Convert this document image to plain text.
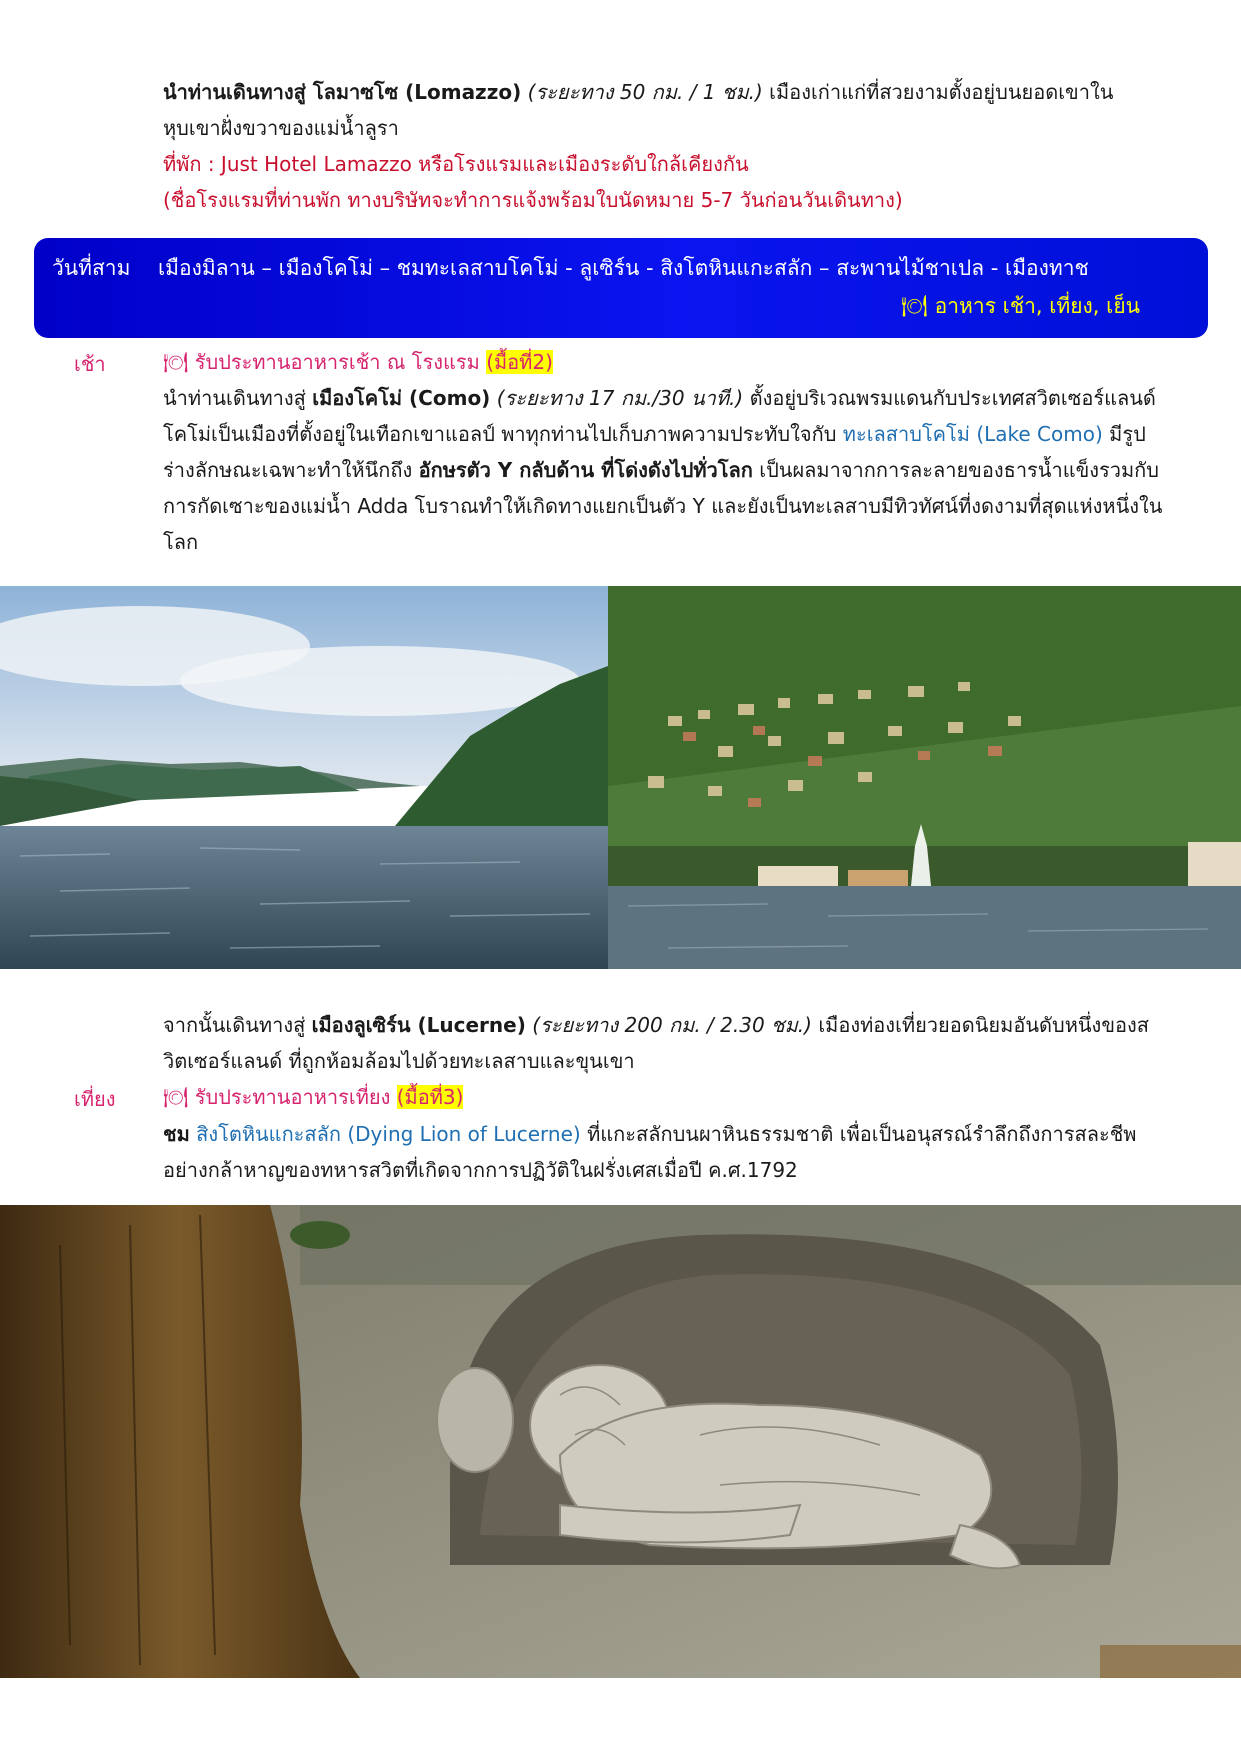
นำท่านเดินทางสู่ โลมาซโซ (Lomazzo) (ระยะทาง 50 กม. / 1 ชม.) เมืองเก่าแก่ที่สวยงามตั้งอยู่บนยอดเขาในหุบเขาฝั่งขวาของแม่น้ำลูรา

ที่พัก : Just Hotel Lamazzo หรือโรงแรมและเมืองระดับใกล้เคียงกัน

(ชื่อโรงแรมที่ท่านพัก ทางบริษัทจะทำการแจ้งพร้อมใบนัดหมาย 5-7 วันก่อนวันเดินทาง)

วันที่สาม เมืองมิลาน – เมืองโคโม่ – ชมทะเลสาบโคโม่ - ลูเซิร์น - สิงโตหินแกะสลัก – สะพานไม้ชาเปล - เมืองทาช
🍽 อาหาร เช้า, เที่ยง, เย็น
เช้า	🍽 รับประทานอาหารเช้า ณ โรงแรม (มื้อที่2)

นำท่านเดินทางสู่ เมืองโคโม่ (Como) (ระยะทาง 17 กม./30 นาที.) ตั้งอยู่บริเวณพรมแดนกับประเทศสวิตเซอร์แลนด์ โคโม่เป็นเมืองที่ตั้งอยู่ในเทือกเขาแอลป์ พาทุกท่านไปเก็บภาพความประทับใจกับ ทะเลสาบโคโม่ (Lake Como) มีรูปร่างลักษณะเฉพาะทำให้นึกถึง อักษรตัว Y กลับด้าน ที่โด่งดังไปทั่วโลก เป็นผลมาจากการละลายของธารน้ำแข็งรวมกับการกัดเซาะของแม่น้ำ Adda โบราณทำให้เกิดทางแยกเป็นตัว Y และยังเป็นทะเลสาบมีทิวทัศน์ที่งดงามที่สุดแห่งหนึ่งในโลก

จากนั้นเดินทางสู่ เมืองลูเซิร์น (Lucerne) (ระยะทาง 200 กม. / 2.30 ชม.) เมืองท่องเที่ยวยอดนิยมอันดับหนึ่งของสวิตเซอร์แลนด์ ที่ถูกห้อมล้อมไปด้วยทะเลสาบและขุนเขา

เที่ยง 🍽 รับประทานอาหารเที่ยง (มื้อที่3)

ชม สิงโตหินแกะสลัก (Dying Lion of Lucerne) ที่แกะสลักบนผาหินธรรมชาติ เพื่อเป็นอนุสรณ์รำลึกถึงการสละชีพอย่างกล้าหาญของทหารสวิตที่เกิดจากการปฏิวัติในฝรั่งเศสเมื่อปี ค.ศ.1792
